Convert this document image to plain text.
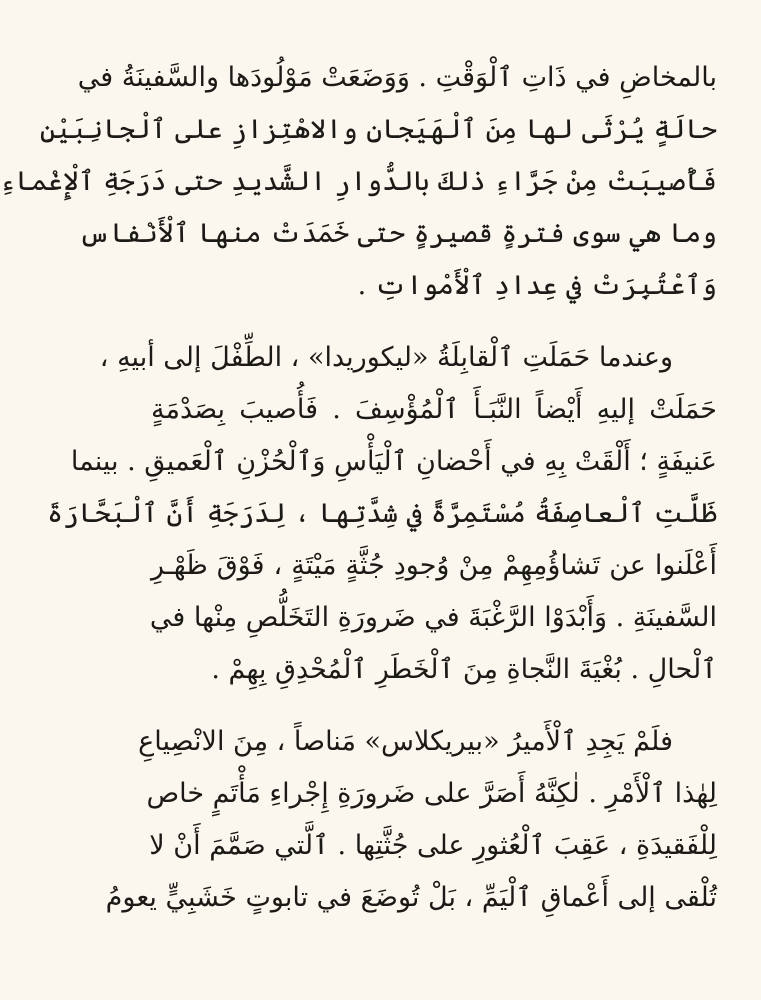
بالمخاضِ في ذَاتِ ٱلْوَقْتِ . وَوَضَعَتْ مَوْلُودَها والسَّفينَةُ في
حالَةٍ يُرْثَى لها مِنَ ٱلْهَيَجانِ والاهْتِزازِ على ٱلْجانِبَيْنِ
فَأُصيبَتْ مِنْ جَرَّاءِ ذلكَ بالدُّوارِ الشَّديدِ حتى دَرَجَةِ ٱلْإِغْماءِ
وما هي سوى فترةٍ قصيرةٍ حتى خَمَدَتْ منها ٱلْأَنْفاس
وَٱعْتُبِرَتْ في عِدادِ ٱلْأَمْواتِ .
وعندما حَمَلَتِ ٱلْقابِلَةُ «ليكوريدا» ، الطِّفْلَ إلى أبيهِ ،
حَمَلَتْ إليهِ أَيْضاً النَّبَـأَ ٱلْمُؤْسِفَ . فَأُصيبَ بِصَدْمَةٍ
عَنيفَةٍ ؛ أَلْقَتْ بِهِ في أَحْضانِ ٱلْيَأْسِ وَٱلْحُزْنِ ٱلْعَميقِ . بينما
ظَلَّتِ ٱلْعاصِفَةُ مُسْتَمِرَّةً في شِدَّتِها ، لِدَرَجَةِ أَنَّ ٱلْبَحَّارَةَ
أَعْلَنوا عن تَشاؤُمِهِمْ مِنْ وُجودِ جُثَّةٍ مَيْتَةٍ ، فَوْقَ ظَهْـرِ
السَّفينَةِ . وَأَبْدَوْا الرَّغْبَةَ في ضَرورَةِ التَخَلُّصِ مِنْها في
ٱلْحالِ . بُغْيَةَ النَّجاةِ مِنَ ٱلْخَطَرِ ٱلْمُحْدِقِ بِهِمْ .
فلَمْ يَجِدِ ٱلْأَميرُ «بيريكلاس» مَناصاً ، مِنَ الانْصِياعِ
لِهٰذا ٱلْأَمْرِ . لٰكِنَّهُ أَصَرَّ على ضَرورَةِ إِجْراءِ مَأْتَمٍ خاص
لِلْفَقيدَةِ ، عَقِبَ ٱلْعُثورِ على جُثَّتِها . ٱلَّتي صَمَّمَ أَنْ لا
تُلْقى إلى أَعْماقِ ٱلْيَمِّ ، بَلْ تُوضَعَ في تابوتٍ خَشَبِيٍّ يعومُ
